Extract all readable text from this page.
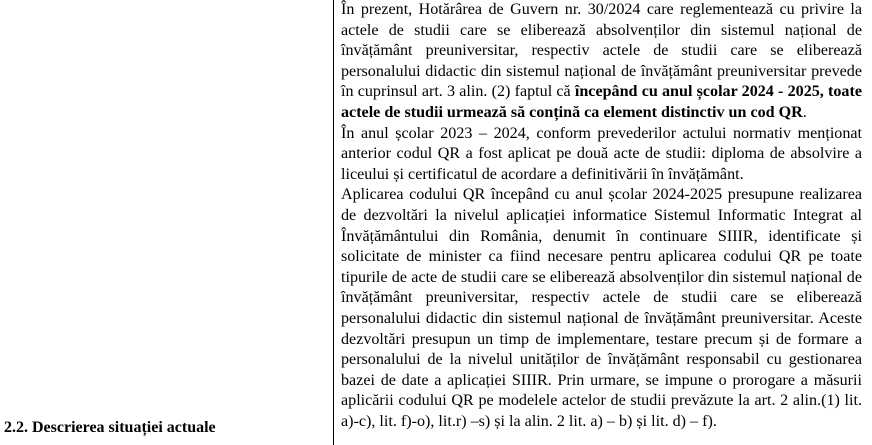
2.2. Descrierea situației actuale

În prezent, Hotărârea de Guvern nr. 30/2024 care reglementează cu privire la actele de studii care se eliberează absolvenților din sistemul național de învățământ preuniversitar, respectiv actele de studii care se eliberează personalului didactic din sistemul național de învățământ preuniversitar prevede în cuprinsul art. 3 alin. (2) faptul că începând cu anul școlar 2024 - 2025, toate actele de studii urmează să conțină ca element distinctiv un cod QR.

În anul școlar 2023 – 2024, conform prevederilor actului normativ menționat anterior codul QR a fost aplicat pe două acte de studii: diploma de absolvire a liceului și certificatul de acordare a definitivării în învățământ.

Aplicarea codului QR începând cu anul școlar 2024-2025 presupune realizarea de dezvoltări la nivelul aplicației informatice Sistemul Informatic Integrat al Învățământului din România, denumit în continuare SIIIR, identificate și solicitate de minister ca fiind necesare pentru aplicarea codului QR pe toate tipurile de acte de studii care se eliberează absolvenților din sistemul național de învățământ preuniversitar, respectiv actele de studii care se eliberează personalului didactic din sistemul național de învățământ preuniversitar. Aceste dezvoltări presupun un timp de implementare, testare precum și de formare a personalului de la nivelul unităților de învățământ responsabil cu gestionarea bazei de date a aplicației SIIIR. Prin urmare, se impune o prorogare a măsurii aplicării codului QR pe modelele actelor de studii prevăzute la art. 2 alin.(1) lit. a)-c), lit. f)-o), lit.r) –s) și la alin. 2 lit. a) – b) și lit. d) – f).
